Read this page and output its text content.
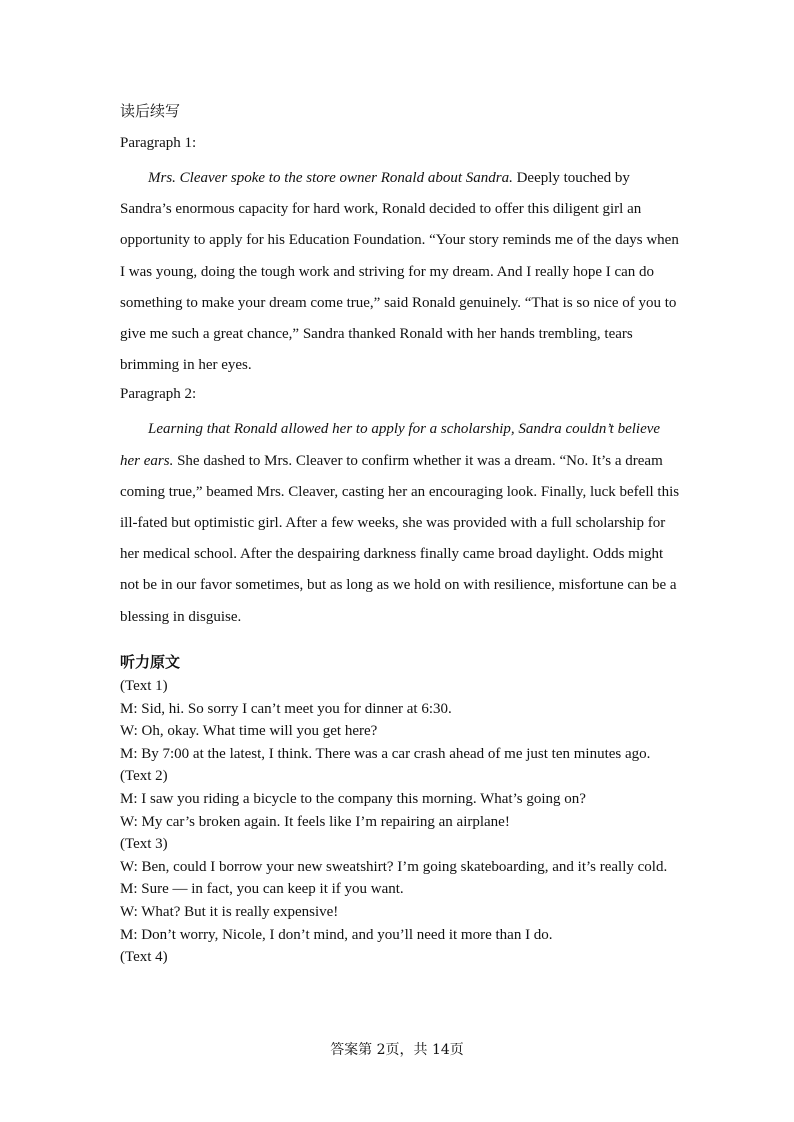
读后续写
Paragraph 1:

Mrs. Cleaver spoke to the store owner Ronald about Sandra. Deeply touched by Sandra’s enormous capacity for hard work, Ronald decided to offer this diligent girl an opportunity to apply for his Education Foundation. “Your story reminds me of the days when I was young, doing the tough work and striving for my dream. And I really hope I can do something to make your dream come true,” said Ronald genuinely. “That is so nice of you to give me such a great chance,” Sandra thanked Ronald with her hands trembling, tears brimming in her eyes.

Paragraph 2:

Learning that Ronald allowed her to apply for a scholarship, Sandra couldn’t believe her ears. She dashed to Mrs. Cleaver to confirm whether it was a dream. “No. It’s a dream coming true,” beamed Mrs. Cleaver, casting her an encouraging look. Finally, luck befell this ill-fated but optimistic girl. After a few weeks, she was provided with a full scholarship for her medical school. After the despairing darkness finally came broad daylight. Odds might not be in our favor sometimes, but as long as we hold on with resilience, misfortune can be a blessing in disguise.

听力原文

(Text 1)

M: Sid, hi. So sorry I can’t meet you for dinner at 6:30.

W: Oh, okay. What time will you get here?

M: By 7:00 at the latest, I think. There was a car crash ahead of me just ten minutes ago.

(Text 2)

M: I saw you riding a bicycle to the company this morning. What’s going on?

W: My car’s broken again. It feels like I’m repairing an airplane!

(Text 3)

W: Ben, could I borrow your new sweatshirt? I’m going skateboarding, and it’s really cold.

M: Sure — in fact, you can keep it if you want.

W: What? But it is really expensive!

M: Don’t worry, Nicole, I don’t mind, and you’ll need it more than I do.

(Text 4)

答案第 2页，共 14页
